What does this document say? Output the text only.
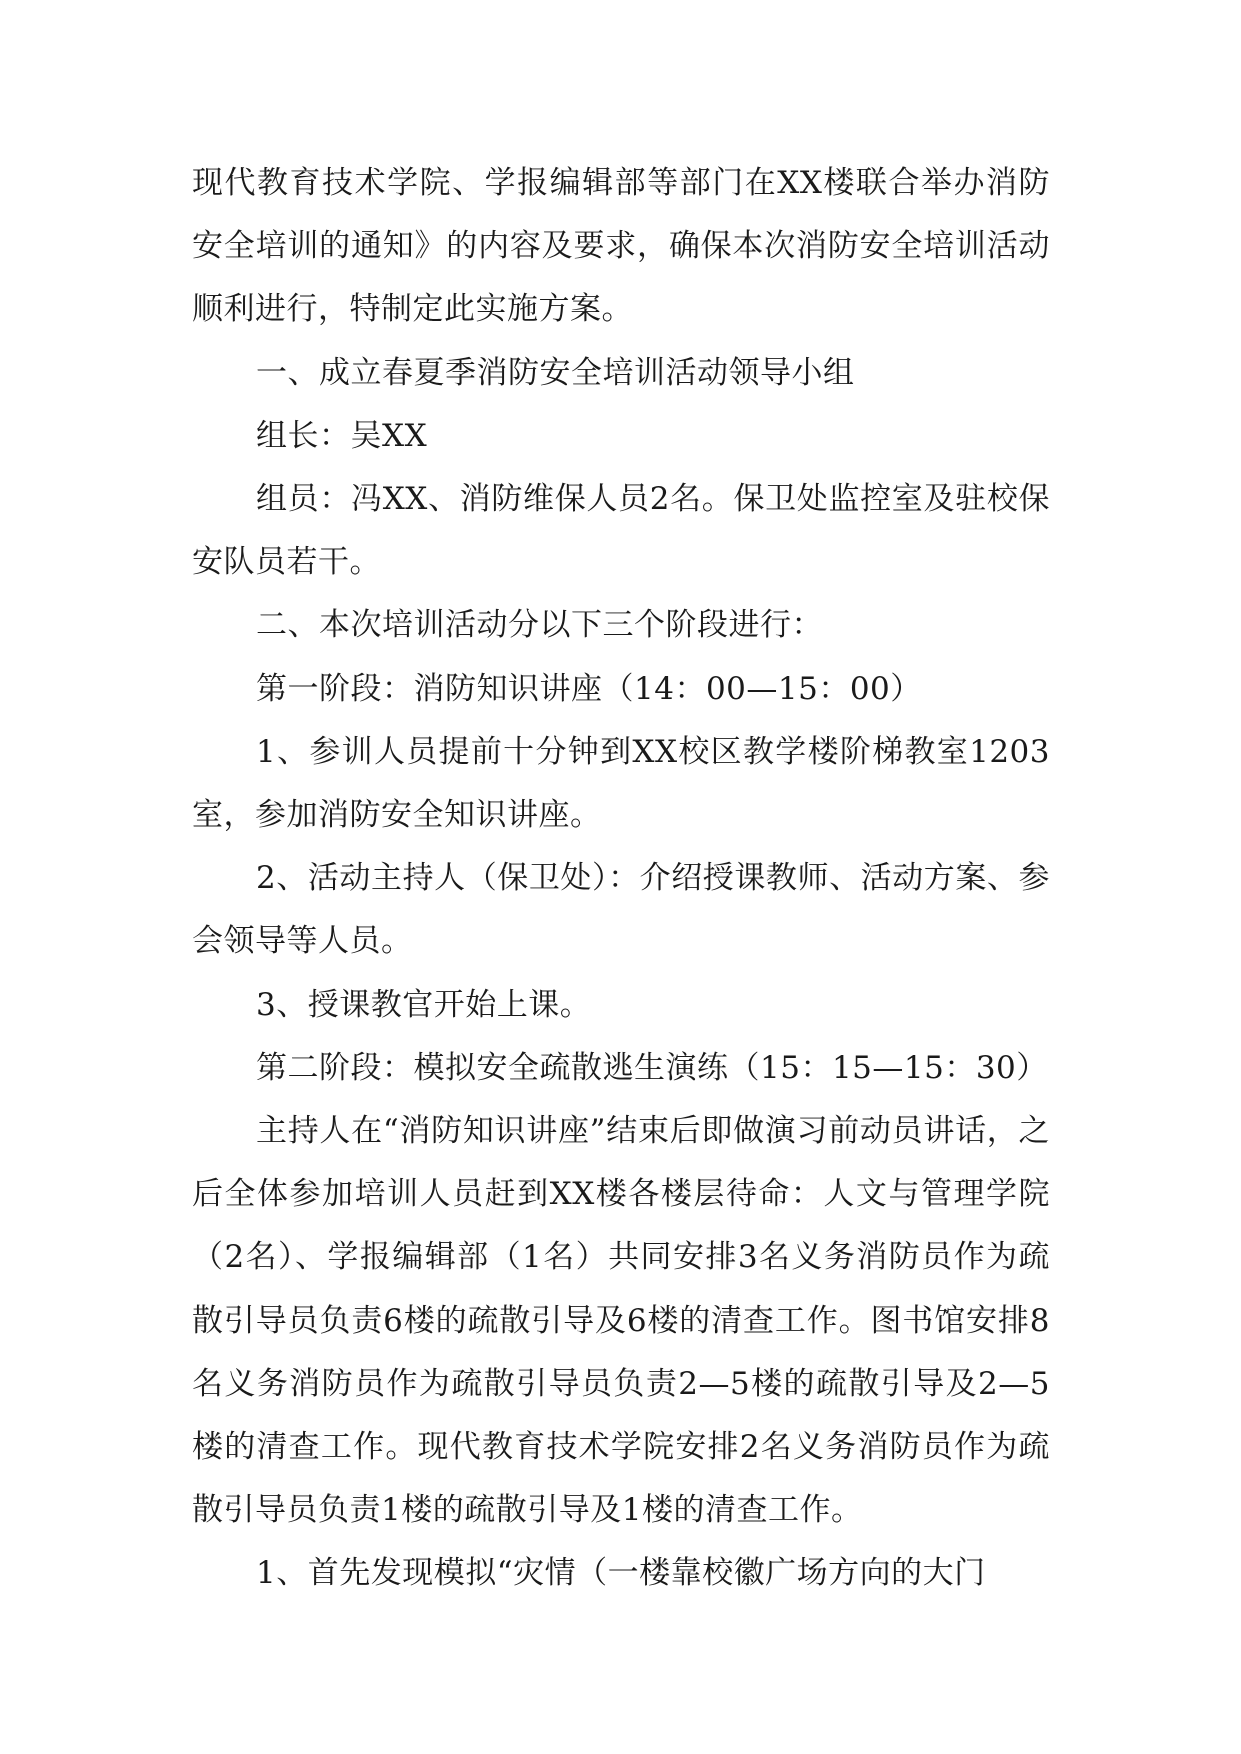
现代教育技术学院、学报编辑部等部门在XX楼联合举办消防安全培训的通知》的内容及要求，确保本次消防安全培训活动顺利进行，特制定此实施方案。

一、成立春夏季消防安全培训活动领导小组

组长：吴XX

组员：冯XX、消防维保人员2名。保卫处监控室及驻校保安队员若干。

二、本次培训活动分以下三个阶段进行：

第一阶段：消防知识讲座（14：00—15：00）

1、参训人员提前十分钟到XX校区教学楼阶梯教室1203室，参加消防安全知识讲座。

2、活动主持人（保卫处）：介绍授课教师、活动方案、参会领导等人员。

3、授课教官开始上课。

第二阶段：模拟安全疏散逃生演练（15：15—15：30）

主持人在“消防知识讲座”结束后即做演习前动员讲话，之后全体参加培训人员赶到XX楼各楼层待命：人文与管理学院（2名）、学报编辑部（1名）共同安排3名义务消防员作为疏散引导员负责6楼的疏散引导及6楼的清查工作。图书馆安排8名义务消防员作为疏散引导员负责2—5楼的疏散引导及2—5楼的清查工作。现代教育技术学院安排2名义务消防员作为疏散引导员负责1楼的疏散引导及1楼的清查工作。

1、首先发现模拟“灾情（一楼靠校徽广场方向的大门
